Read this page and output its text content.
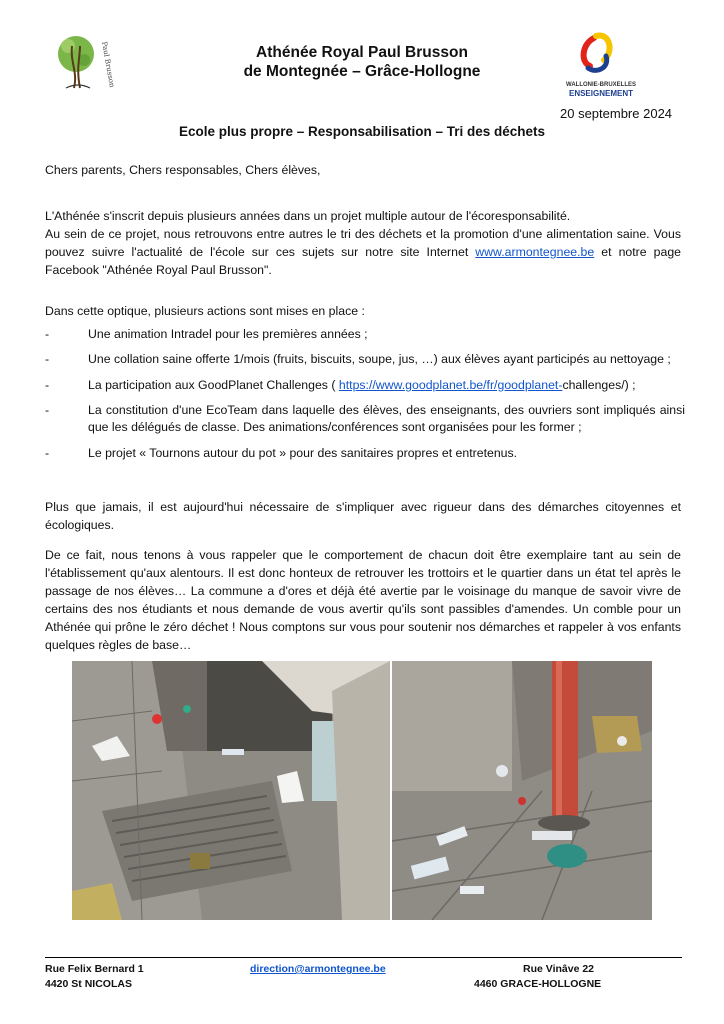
Paul Brusson	WALLONIE-BRUXELLES
ENSEIGNEMENT
Athénée Royal Paul Brusson
de Montegnée – Grâce-Hollogne
20 septembre 2024
Ecole plus propre – Responsabilisation – Tri des déchets
Chers parents, Chers responsables, Chers élèves,
L'Athénée s'inscrit depuis plusieurs années dans un projet multiple autour de l'écoresponsabilité.
Au sein de ce projet, nous retrouvons entre autres le tri des déchets et la promotion d'une alimentation saine. Vous pouvez suivre l'actualité de l'école sur ces sujets sur notre site Internet www.armontegnee.be et notre page Facebook "Athénée Royal Paul Brusson".
Dans cette optique, plusieurs actions sont mises en place :
-	Une animation Intradel pour les premières années ;
-	Une collation saine offerte 1/mois (fruits, biscuits, soupe, jus, …) aux élèves ayant participés au nettoyage ;
-	La participation aux GoodPlanet Challenges ( https://www.goodplanet.be/fr/goodplanet-challenges/) ;
-	La constitution d'une EcoTeam dans laquelle des élèves, des enseignants, des ouvriers sont impliqués ainsi que les délégués de classe. Des animations/conférences sont organisées pour les former ;
-	Le projet « Tournons autour du pot » pour des sanitaires propres et entretenus.
Plus que jamais, il est aujourd'hui nécessaire de s'impliquer avec rigueur dans des démarches citoyennes et écologiques.
De ce fait, nous tenons à vous rappeler que le comportement de chacun doit être exemplaire tant au sein de l'établissement qu'aux alentours. Il est donc honteux de retrouver les trottoirs et le quartier dans un état tel après le passage de nos élèves… La commune a d'ores et déjà été avertie par le voisinage du manque de savoir vivre de certains des nos étudiants et nous demande de vous avertir qu'ils sont passibles d'amendes. Un comble pour un Athénée qui prône le zéro déchet ! Nous comptons sur vous pour soutenir nos démarches et rappeler à vos enfants quelques règles de base…
Rue Felix Bernard 1
4420 St NICOLAS
direction@armontegnee.be	Rue Vinâve 22
4460 GRACE-HOLLOGNE
